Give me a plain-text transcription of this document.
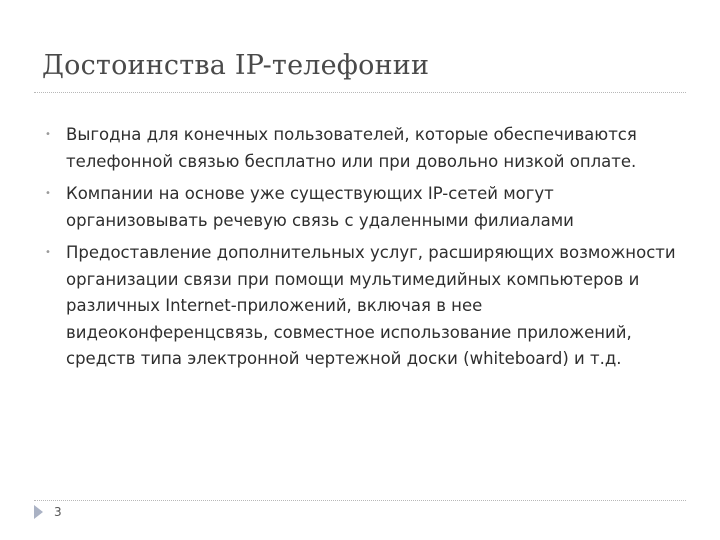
Достоинства IP-телефонии
• Выгодна для конечных пользователей, которые обеспечиваются телефонной связью бесплатно или при довольно низкой оплате.
• Компании на основе уже существующих IP-сетей могут организовывать речевую связь с удаленными филиалами
• Предоставление дополнительных услуг, расширяющих возможности организации связи при помощи мультимедийных компьютеров и различных Internet-приложений, включая в нее видеоконференцсвязь, совместное использование приложений, средств типа электронной чертежной доски (whiteboard) и т.д.
3
